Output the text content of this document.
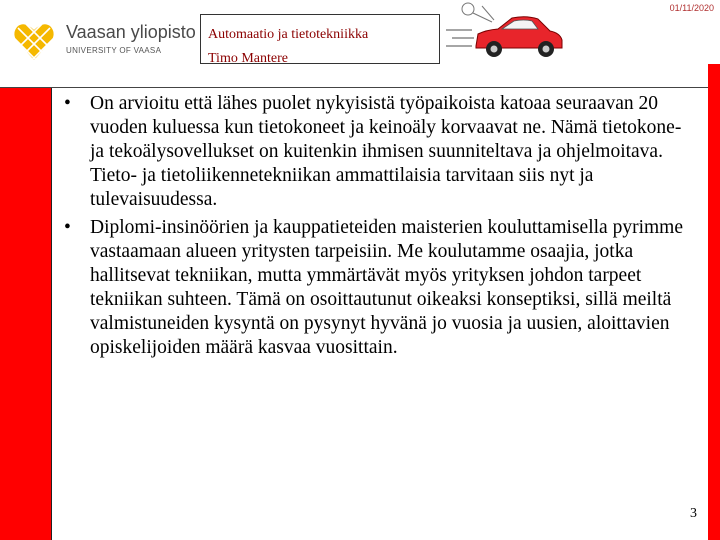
Vaasan yliopisto
UNIVERSITY OF VAASA
Automaatio ja tietotekniikka
Timo Mantere
01/11/2020
• On arvioitu että lähes puolet nykyisistä työpaikoista katoaa seuraavan 20 vuoden kuluessa kun tietokoneet ja keinoäly korvaavat ne. Nämä tietokone- ja tekoälysovellukset on kuitenkin ihmisen suunniteltava ja ohjelmoitava. Tieto- ja tietoliikennetekniikan ammattilaisia tarvitaan siis nyt ja tulevaisuudessa.
• Diplomi-insinöörien ja kauppatieteiden maisterien kouluttamisella pyrimme vastaamaan alueen yritysten tarpeisiin. Me koulutamme osaajia, jotka hallitsevat tekniikan, mutta ymmärtävät myös yrityksen johdon tarpeet tekniikan suhteen. Tämä on osoittautunut oikeaksi konseptiksi, sillä meiltä valmistuneiden kysyntä on pysynyt hyvänä jo vuosia ja uusien, aloittavien opiskelijoiden määrä kasvaa vuosittain.
3
